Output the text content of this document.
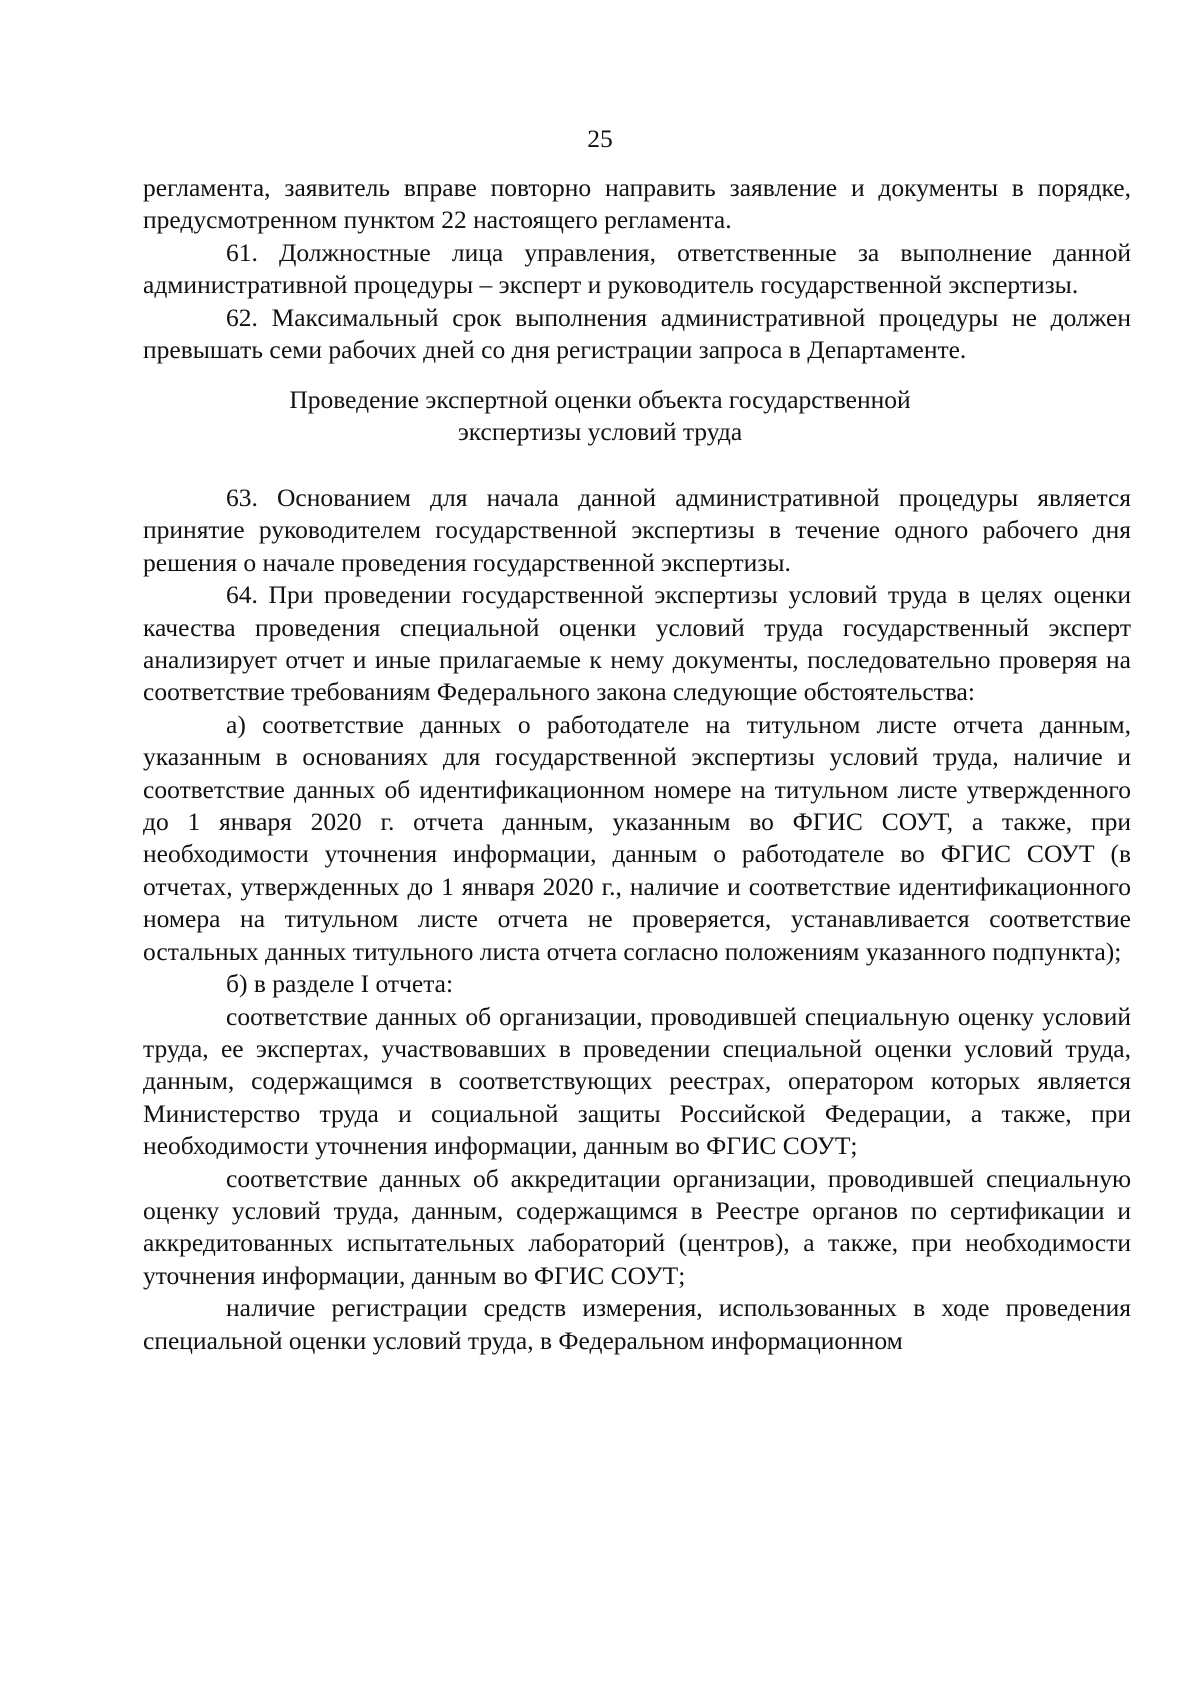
25

регламента, заявитель вправе повторно направить заявление и документы в порядке, предусмотренном пунктом 22 настоящего регламента.

61. Должностные лица управления, ответственные за выполнение данной административной процедуры – эксперт и руководитель государственной экспертизы.

62. Максимальный срок выполнения административной процедуры не должен превышать семи рабочих дней со дня регистрации запроса в Департаменте.

Проведение экспертной оценки объекта государственной

экспертизы условий труда

63. Основанием для начала данной административной процедуры является принятие руководителем государственной экспертизы в течение одного рабочего дня решения о начале проведения государственной экспертизы.

64. При проведении государственной экспертизы условий труда в целях оценки качества проведения специальной оценки условий труда государственный эксперт анализирует отчет и иные прилагаемые к нему документы, последовательно проверяя на соответствие требованиям Федерального закона следующие обстоятельства:

а) соответствие данных о работодателе на титульном листе отчета данным, указанным в основаниях для государственной экспертизы условий труда, наличие и соответствие данных об идентификационном номере на титульном листе утвержденного до 1 января 2020 г. отчета данным, указанным во ФГИС СОУТ, а также, при необходимости уточнения информации, данным о работодателе во ФГИС СОУТ (в отчетах, утвержденных до 1 января 2020 г., наличие и соответствие идентификационного номера на титульном листе отчета не проверяется, устанавливается соответствие остальных данных титульного листа отчета согласно положениям указанного подпункта);

б) в разделе I отчета:

соответствие данных об организации, проводившей специальную оценку условий труда, ее экспертах, участвовавших в проведении специальной оценки условий труда, данным, содержащимся в соответствующих реестрах, оператором которых является Министерство труда и социальной защиты Российской Федерации, а также, при необходимости уточнения информации, данным во ФГИС СОУТ;

соответствие данных об аккредитации организации, проводившей специальную оценку условий труда, данным, содержащимся в Реестре органов по сертификации и аккредитованных испытательных лабораторий (центров), а также, при необходимости уточнения информации, данным во ФГИС СОУТ;

наличие регистрации средств измерения, использованных в ходе проведения специальной оценки условий труда, в Федеральном информационном
